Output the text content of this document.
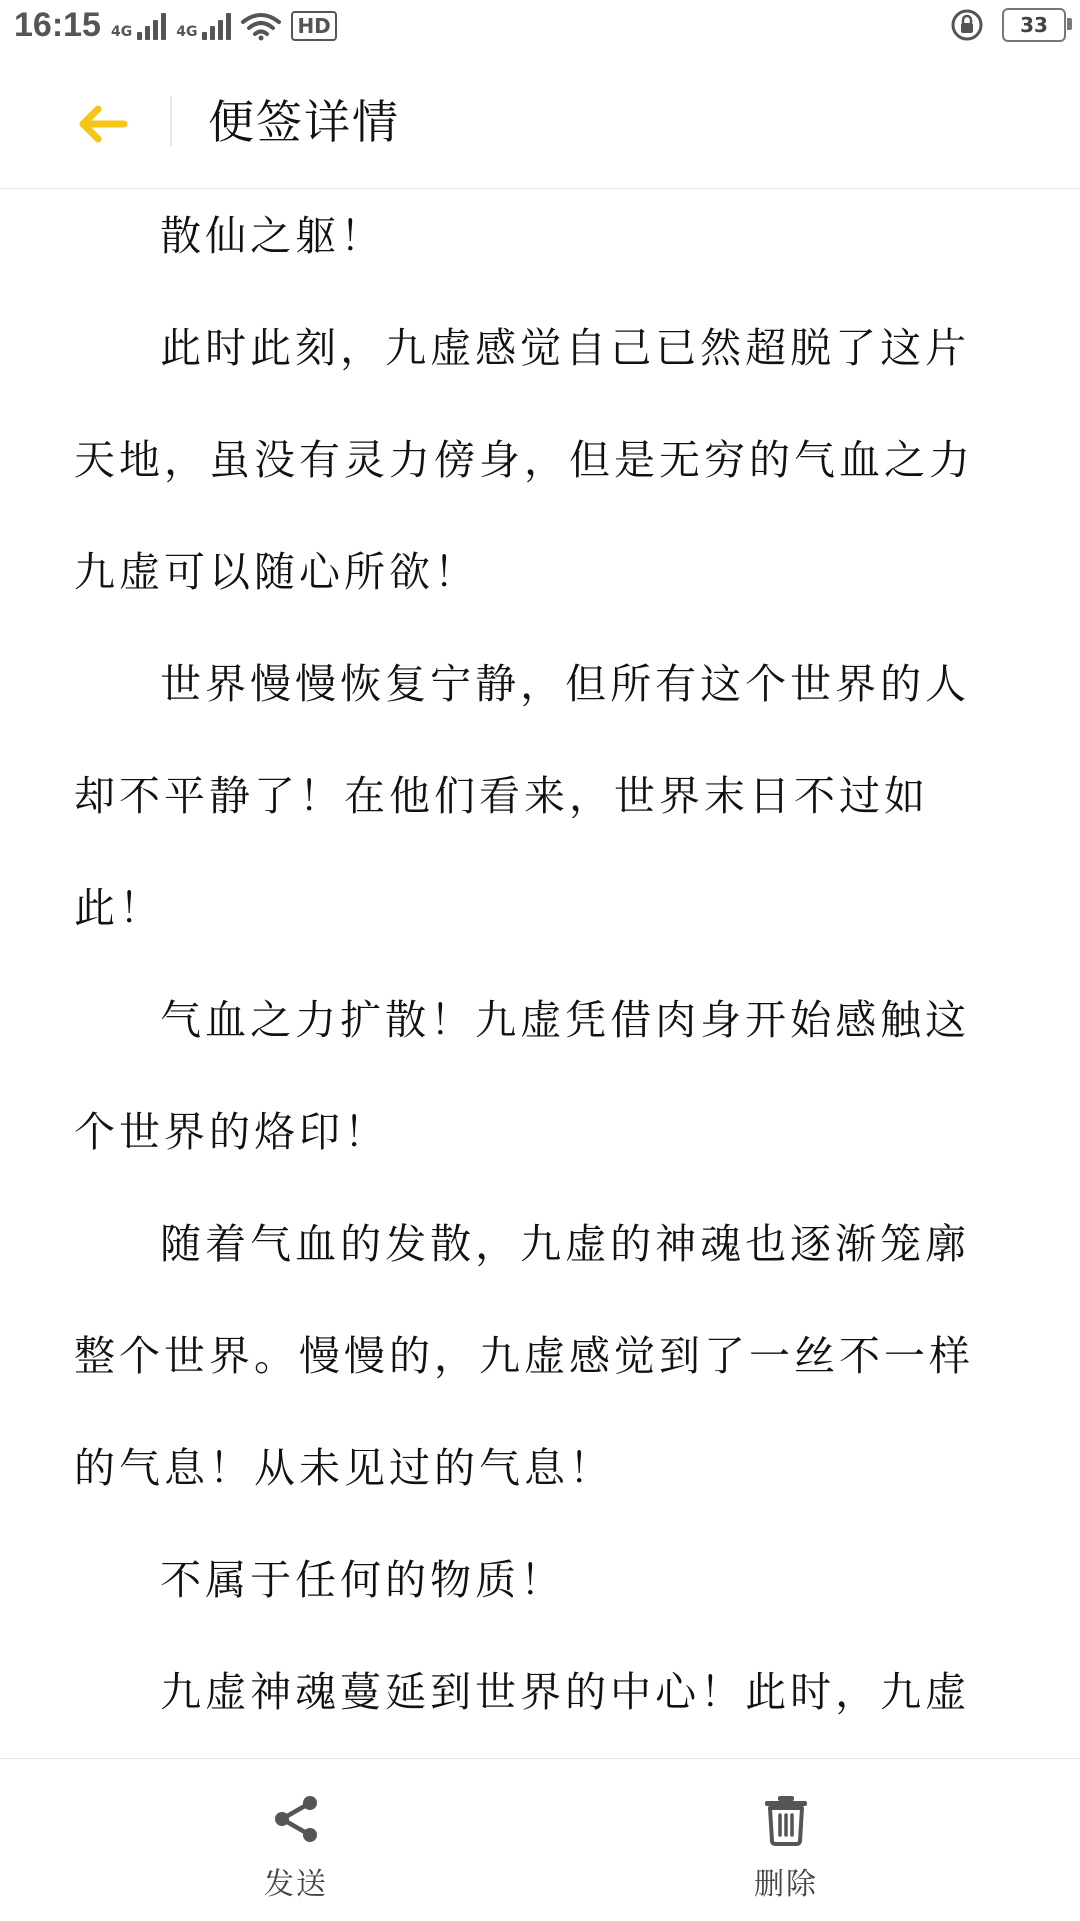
16:15 4G	4G	HD	33
便签详情

散仙之躯！

此时此刻，九虚感觉自己已然超脱了这片天地，虽没有灵力傍身，但是无穷的气血之力九虚可以随心所欲！

世界慢慢恢复宁静，但所有这个世界的人却不平静了！在他们看来，世界末日不过如此！

气血之力扩散！九虚凭借肉身开始感触这个世界的烙印！

随着气血的发散，九虚的神魂也逐渐笼廓整个世界。慢慢的，九虚感觉到了一丝不一样的气息！从未见过的气息！

不属于任何的物质！

九虚神魂蔓延到世界的中心！此时，九虚

发送	删除
